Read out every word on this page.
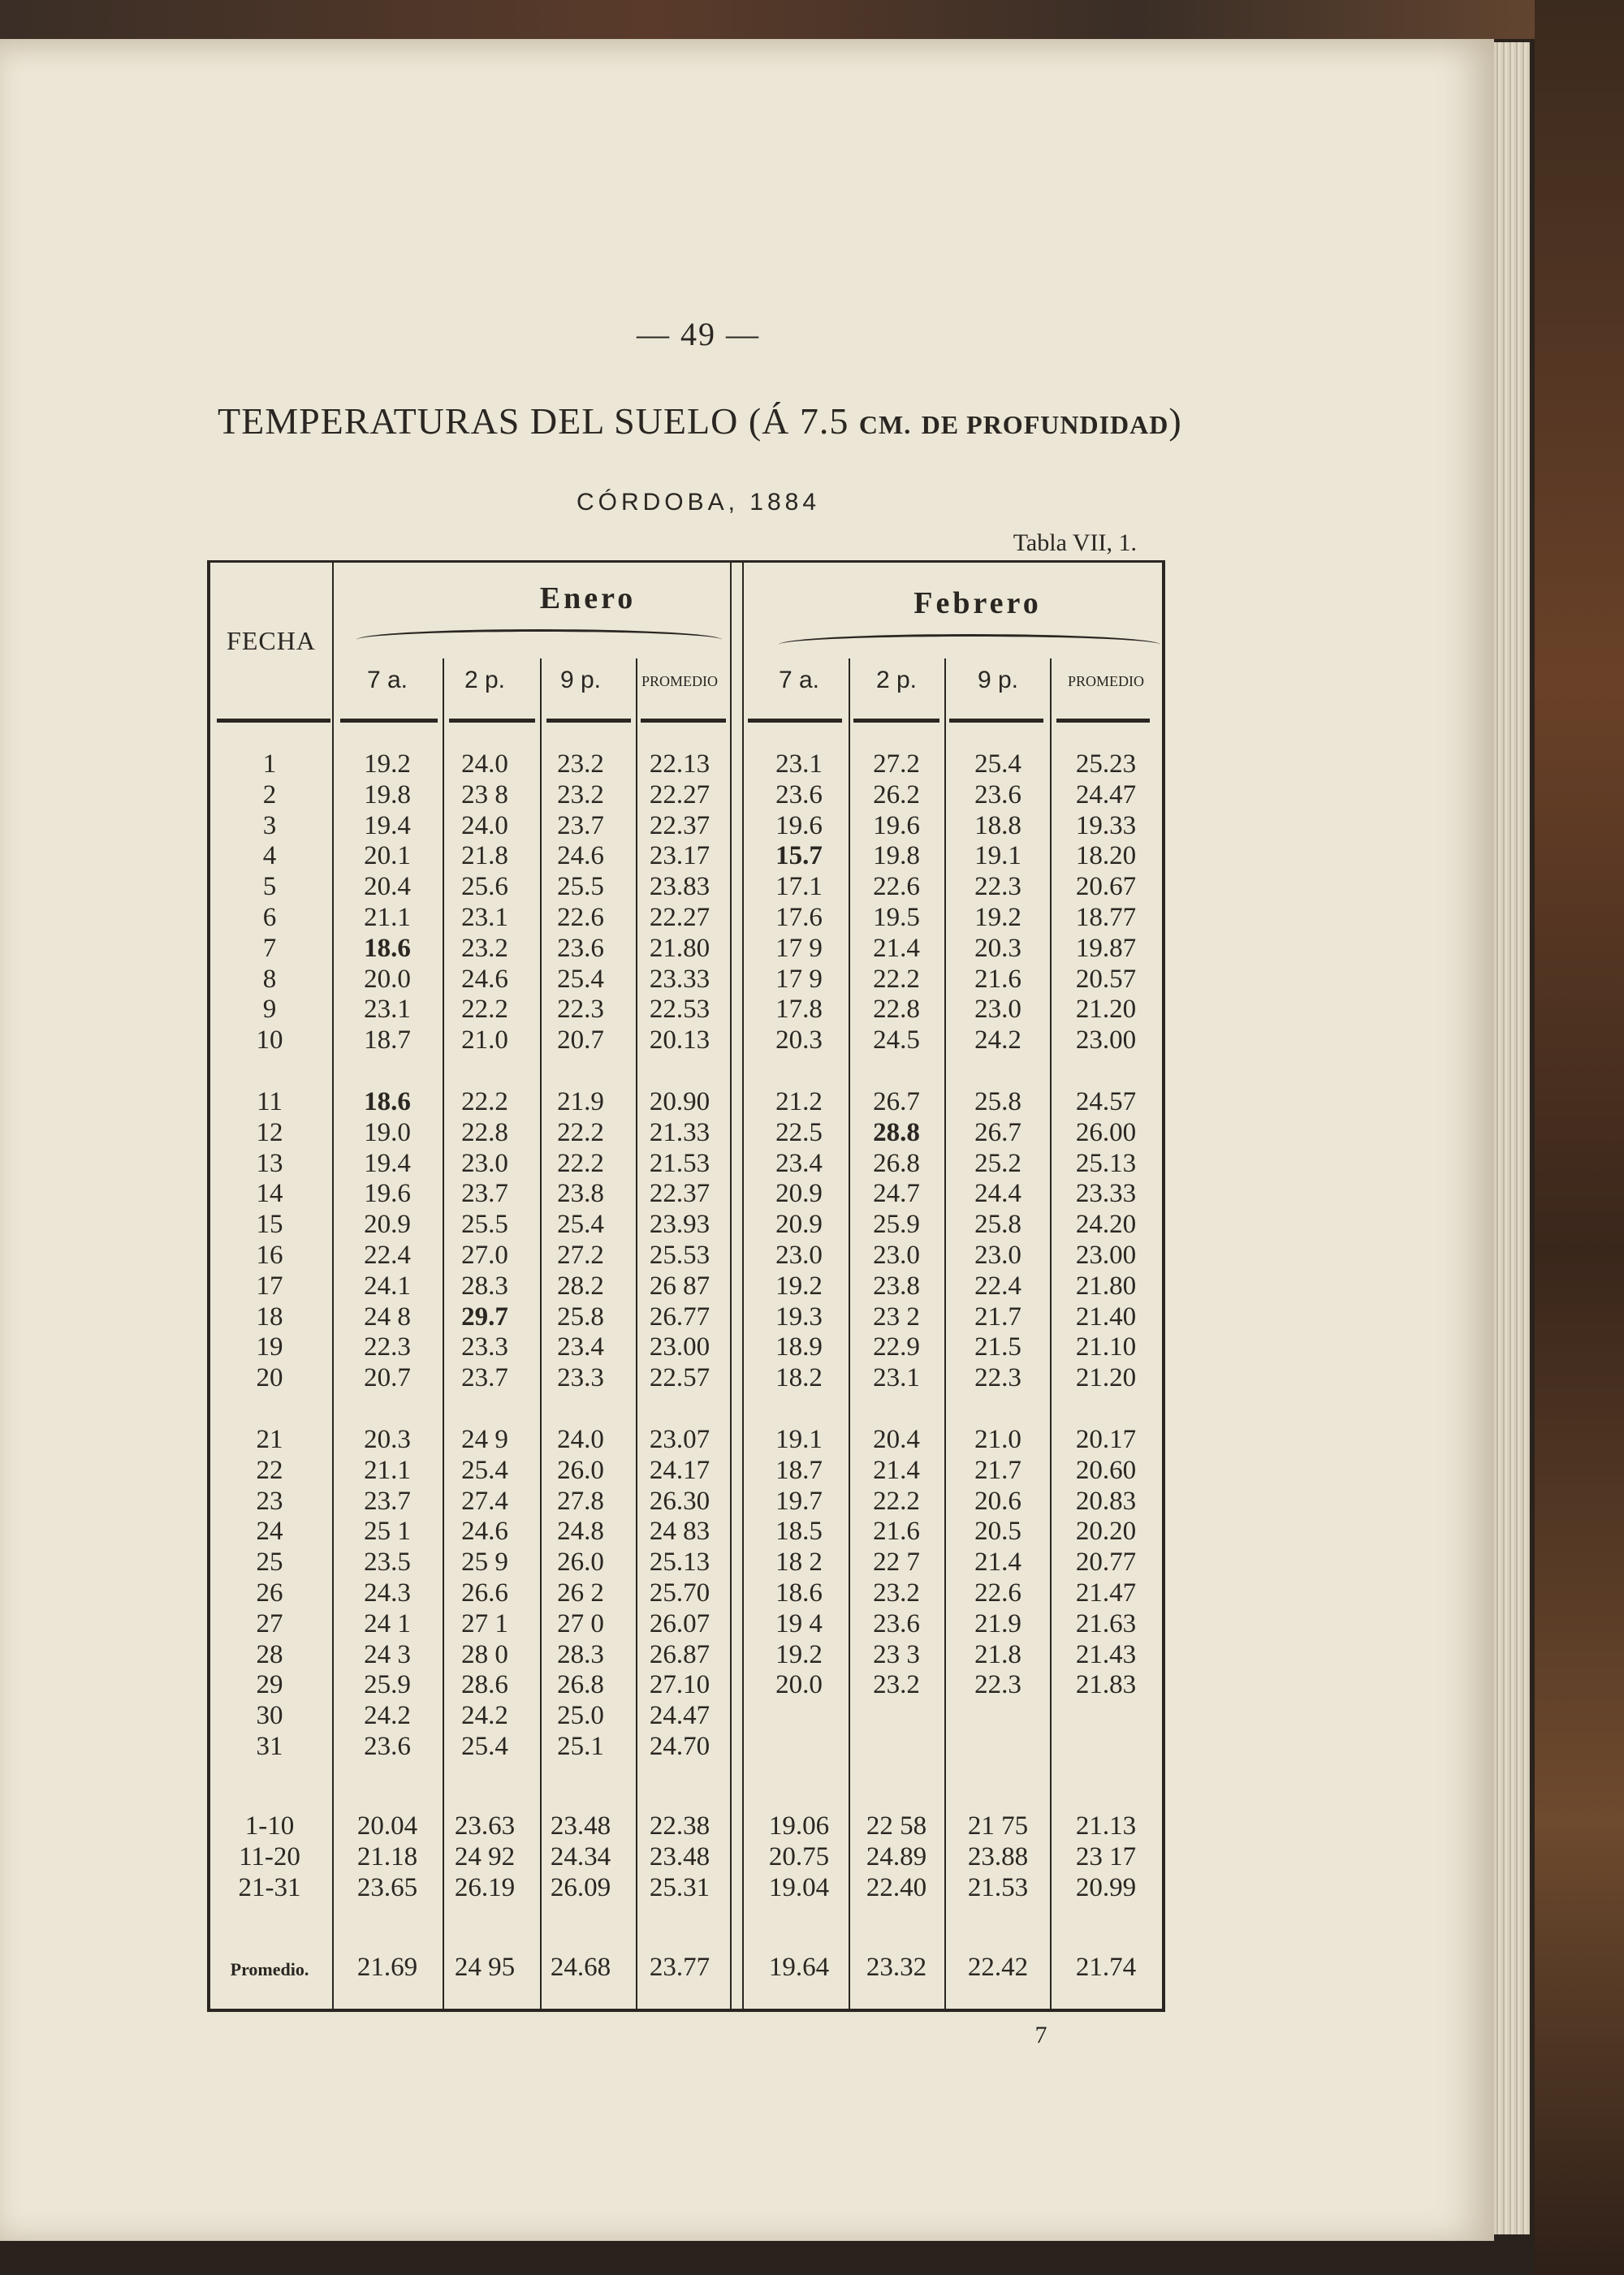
— 49 —
TEMPERATURAS DEL SUELO (Á 7.5 CM. DE PROFUNDIDAD)
CÓRDOBA, 1884
Tabla VII, 1.
FECHA
Enero	Febrero
7 a.	2 p.	9 p.	PROMEDIO	7 a.	2 p.	9 p.	PROMEDIO
1	19.2	24.0	23.2	22.13	23.1	27.2	25.4	25.23
2	19.8	23 8	23.2	22.27	23.6	26.2	23.6	24.47
3	19.4	24.0	23.7	22.37	19.6	19.6	18.8	19.33
4	20.1	21.8	24.6	23.17	15.7	19.8	19.1	18.20
5	20.4	25.6	25.5	23.83	17.1	22.6	22.3	20.67
6	21.1	23.1	22.6	22.27	17.6	19.5	19.2	18.77
7	18.6	23.2	23.6	21.80	17 9	21.4	20.3	19.87
8	20.0	24.6	25.4	23.33	17 9	22.2	21.6	20.57
9	23.1	22.2	22.3	22.53	17.8	22.8	23.0	21.20
10	18.7	21.0	20.7	20.13	20.3	24.5	24.2	23.00
11	18.6	22.2	21.9	20.90	21.2	26.7	25.8	24.57
12	19.0	22.8	22.2	21.33	22.5	28.8	26.7	26.00
13	19.4	23.0	22.2	21.53	23.4	26.8	25.2	25.13
14	19.6	23.7	23.8	22.37	20.9	24.7	24.4	23.33
15	20.9	25.5	25.4	23.93	20.9	25.9	25.8	24.20
16	22.4	27.0	27.2	25.53	23.0	23.0	23.0	23.00
17	24.1	28.3	28.2	26 87	19.2	23.8	22.4	21.80
18	24 8	29.7	25.8	26.77	19.3	23 2	21.7	21.40
19	22.3	23.3	23.4	23.00	18.9	22.9	21.5	21.10
20	20.7	23.7	23.3	22.57	18.2	23.1	22.3	21.20
21	20.3	24 9	24.0	23.07	19.1	20.4	21.0	20.17
22	21.1	25.4	26.0	24.17	18.7	21.4	21.7	20.60
23	23.7	27.4	27.8	26.30	19.7	22.2	20.6	20.83
24	25 1	24.6	24.8	24 83	18.5	21.6	20.5	20.20
25	23.5	25 9	26.0	25.13	18 2	22 7	21.4	20.77
26	24.3	26.6	26 2	25.70	18.6	23.2	22.6	21.47
27	24 1	27 1	27 0	26.07	19 4	23.6	21.9	21.63
28	24 3	28 0	28.3	26.87	19.2	23 3	21.8	21.43
29	25.9	28.6	26.8	27.10	20.0	23.2	22.3	21.83
30	24.2	24.2	25.0	24.47
31	23.6	25.4	25.1	24.70
1-10	20.04	23.63	23.48	22.38	19.06	22 58	21 75	21.13
11-20	21.18	24 92	24.34	23.48	20.75	24.89	23.88	23 17
21-31	23.65	26.19	26.09	25.31	19.04	22.40	21.53	20.99
Promedio.	21.69	24 95	24.68	23.77	19.64	23.32	22.42	21.74
7
